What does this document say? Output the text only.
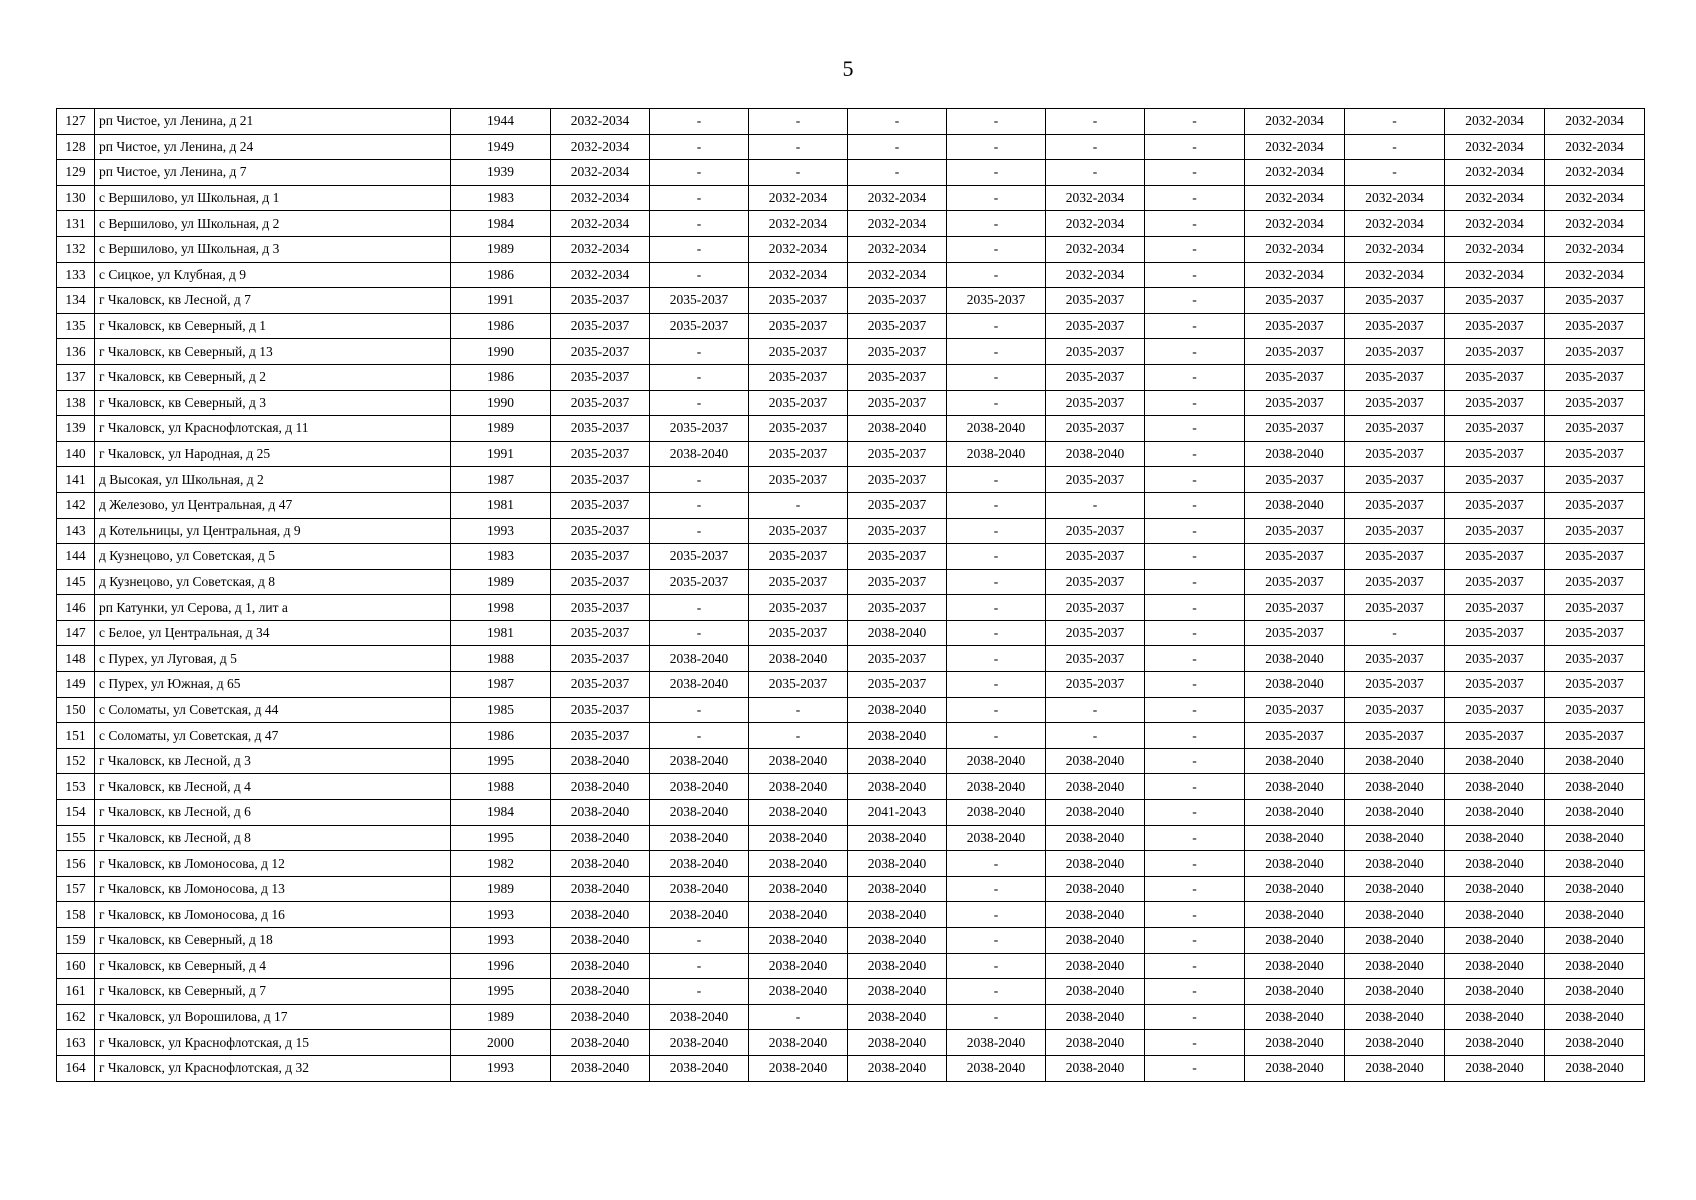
5
127	рп Чистое, ул Ленина, д 21	1944	2032-2034	-	-	-	-	-	-	2032-2034	-	2032-2034	2032-2034
128	рп Чистое, ул Ленина, д 24	1949	2032-2034	-	-	-	-	-	-	2032-2034	-	2032-2034	2032-2034
129	рп Чистое, ул Ленина, д 7	1939	2032-2034	-	-	-	-	-	-	2032-2034	-	2032-2034	2032-2034
130	с Вершилово, ул Школьная, д 1	1983	2032-2034	-	2032-2034	2032-2034	-	2032-2034	-	2032-2034	2032-2034	2032-2034	2032-2034
131	с Вершилово, ул Школьная, д 2	1984	2032-2034	-	2032-2034	2032-2034	-	2032-2034	-	2032-2034	2032-2034	2032-2034	2032-2034
132	с Вершилово, ул Школьная, д 3	1989	2032-2034	-	2032-2034	2032-2034	-	2032-2034	-	2032-2034	2032-2034	2032-2034	2032-2034
133	с Сицкое, ул Клубная, д 9	1986	2032-2034	-	2032-2034	2032-2034	-	2032-2034	-	2032-2034	2032-2034	2032-2034	2032-2034
134	г Чкаловск, кв Лесной, д 7	1991	2035-2037	2035-2037	2035-2037	2035-2037	2035-2037	2035-2037	-	2035-2037	2035-2037	2035-2037	2035-2037
135	г Чкаловск, кв Северный, д 1	1986	2035-2037	2035-2037	2035-2037	2035-2037	-	2035-2037	-	2035-2037	2035-2037	2035-2037	2035-2037
136	г Чкаловск, кв Северный, д 13	1990	2035-2037	-	2035-2037	2035-2037	-	2035-2037	-	2035-2037	2035-2037	2035-2037	2035-2037
137	г Чкаловск, кв Северный, д 2	1986	2035-2037	-	2035-2037	2035-2037	-	2035-2037	-	2035-2037	2035-2037	2035-2037	2035-2037
138	г Чкаловск, кв Северный, д 3	1990	2035-2037	-	2035-2037	2035-2037	-	2035-2037	-	2035-2037	2035-2037	2035-2037	2035-2037
139	г Чкаловск, ул Краснофлотская, д 11	1989	2035-2037	2035-2037	2035-2037	2038-2040	2038-2040	2035-2037	-	2035-2037	2035-2037	2035-2037	2035-2037
140	г Чкаловск, ул Народная, д 25	1991	2035-2037	2038-2040	2035-2037	2035-2037	2038-2040	2038-2040	-	2038-2040	2035-2037	2035-2037	2035-2037
141	д Высокая, ул Школьная, д 2	1987	2035-2037	-	2035-2037	2035-2037	-	2035-2037	-	2035-2037	2035-2037	2035-2037	2035-2037
142	д Железово, ул Центральная, д 47	1981	2035-2037	-	-	2035-2037	-	-	-	2038-2040	2035-2037	2035-2037	2035-2037
143	д Котельницы, ул Центральная, д 9	1993	2035-2037	-	2035-2037	2035-2037	-	2035-2037	-	2035-2037	2035-2037	2035-2037	2035-2037
144	д Кузнецово, ул Советская, д 5	1983	2035-2037	2035-2037	2035-2037	2035-2037	-	2035-2037	-	2035-2037	2035-2037	2035-2037	2035-2037
145	д Кузнецово, ул Советская, д 8	1989	2035-2037	2035-2037	2035-2037	2035-2037	-	2035-2037	-	2035-2037	2035-2037	2035-2037	2035-2037
146	рп Катунки, ул Серова, д 1, лит а	1998	2035-2037	-	2035-2037	2035-2037	-	2035-2037	-	2035-2037	2035-2037	2035-2037	2035-2037
147	с Белое, ул Центральная, д 34	1981	2035-2037	-	2035-2037	2038-2040	-	2035-2037	-	2035-2037	-	2035-2037	2035-2037
148	с Пурех, ул Луговая, д 5	1988	2035-2037	2038-2040	2038-2040	2035-2037	-	2035-2037	-	2038-2040	2035-2037	2035-2037	2035-2037
149	с Пурех, ул Южная, д 65	1987	2035-2037	2038-2040	2035-2037	2035-2037	-	2035-2037	-	2038-2040	2035-2037	2035-2037	2035-2037
150	с Соломаты, ул Советская, д 44	1985	2035-2037	-	-	2038-2040	-	-	-	2035-2037	2035-2037	2035-2037	2035-2037
151	с Соломаты, ул Советская, д 47	1986	2035-2037	-	-	2038-2040	-	-	-	2035-2037	2035-2037	2035-2037	2035-2037
152	г Чкаловск, кв Лесной, д 3	1995	2038-2040	2038-2040	2038-2040	2038-2040	2038-2040	2038-2040	-	2038-2040	2038-2040	2038-2040	2038-2040
153	г Чкаловск, кв Лесной, д 4	1988	2038-2040	2038-2040	2038-2040	2038-2040	2038-2040	2038-2040	-	2038-2040	2038-2040	2038-2040	2038-2040
154	г Чкаловск, кв Лесной, д 6	1984	2038-2040	2038-2040	2038-2040	2041-2043	2038-2040	2038-2040	-	2038-2040	2038-2040	2038-2040	2038-2040
155	г Чкаловск, кв Лесной, д 8	1995	2038-2040	2038-2040	2038-2040	2038-2040	2038-2040	2038-2040	-	2038-2040	2038-2040	2038-2040	2038-2040
156	г Чкаловск, кв Ломоносова, д 12	1982	2038-2040	2038-2040	2038-2040	2038-2040	-	2038-2040	-	2038-2040	2038-2040	2038-2040	2038-2040
157	г Чкаловск, кв Ломоносова, д 13	1989	2038-2040	2038-2040	2038-2040	2038-2040	-	2038-2040	-	2038-2040	2038-2040	2038-2040	2038-2040
158	г Чкаловск, кв Ломоносова, д 16	1993	2038-2040	2038-2040	2038-2040	2038-2040	-	2038-2040	-	2038-2040	2038-2040	2038-2040	2038-2040
159	г Чкаловск, кв Северный, д 18	1993	2038-2040	-	2038-2040	2038-2040	-	2038-2040	-	2038-2040	2038-2040	2038-2040	2038-2040
160	г Чкаловск, кв Северный, д 4	1996	2038-2040	-	2038-2040	2038-2040	-	2038-2040	-	2038-2040	2038-2040	2038-2040	2038-2040
161	г Чкаловск, кв Северный, д 7	1995	2038-2040	-	2038-2040	2038-2040	-	2038-2040	-	2038-2040	2038-2040	2038-2040	2038-2040
162	г Чкаловск, ул Ворошилова, д 17	1989	2038-2040	2038-2040	-	2038-2040	-	2038-2040	-	2038-2040	2038-2040	2038-2040	2038-2040
163	г Чкаловск, ул Краснофлотская, д 15	2000	2038-2040	2038-2040	2038-2040	2038-2040	2038-2040	2038-2040	-	2038-2040	2038-2040	2038-2040	2038-2040
164	г Чкаловск, ул Краснофлотская, д 32	1993	2038-2040	2038-2040	2038-2040	2038-2040	2038-2040	2038-2040	-	2038-2040	2038-2040	2038-2040	2038-2040
